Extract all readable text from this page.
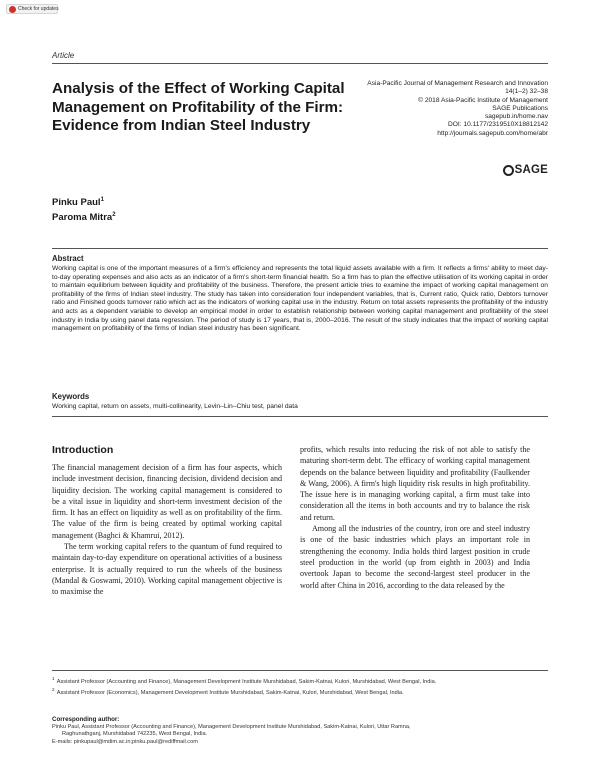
Check for updates
Article
Analysis of the Effect of Working Capital Management on Profitability of the Firm: Evidence from Indian Steel Industry
Asia-Pacific Journal of Management Research and Innovation
14(1–2) 32–38
© 2018 Asia-Pacific Institute of Management
SAGE Publications
sagepub.in/home.nav
DOI: 10.1177/2319510X18812142
http://journals.sagepub.com/home/abr
SAGE
Pinku Paul$^1$
Paroma Mitra$^2$
Abstract

Working capital is one of the important measures of a firm's efficiency and represents the total liquid assets available with a firm. It reflects a firms' ability to meet day-to-day operating expenses and also acts as an indicator of a firm's short-term financial health. So a firm has to plan the effective utilisation of its working capital in order to maintain equilibrium between liquidity and profitability of the business. Therefore, the present article tries to examine the impact of working capital management on profitability of the firms of Indian steel industry. The study has taken into consideration four independent variables, that is, Current ratio, Quick ratio, Debtors turnover ratio and Finished goods turnover ratio which act as the indicators of working capital use in the industry. Return on total assets represents the profitability of the industry and acts as a dependent variable to develop an empirical model in order to establish relationship between working capital management and profitability of the steel industry in India by using panel data regression. The period of study is 17 years, that is, 2000–2016. The result of the study indicates that the impact of working capital management on profitability of the firms of Indian steel industry has been significant.

Keywords

Working capital, return on assets, multi-collinearity, Levin–Lin–Chiu test, panel data

Introduction

The financial management decision of a firm has four aspects, which include investment decision, financing decision, dividend decision and liquidity decision. The working capital management is considered to be a vital issue in liquidity and short-term investment decision of the firm. It has an effect on liquidity as well as on profitability of the firm. The value of the firm is being created by optimal working capital management (Baghci & Khamrui, 2012).

The term working capital refers to the quantum of fund required to maintain day-to-day expenditure on operational activities of a business enterprise. It is actually required to run the wheels of the business (Mandal & Goswami, 2010). Working capital management objective is to maximise the

profits, which results into reducing the risk of not able to satisfy the maturing short-term debt. The efficacy of working capital management depends on the balance between liquidity and profitability (Faulkender & Wang, 2006). A firm's high liquidity risk results in high profitability. The issue here is in managing working capital, a firm must take into consideration all the items in both accounts and try to balance the risk and return.

Among all the industries of the country, iron ore and steel industry is one of the basic industries which plays an important role in strengthening the economy. India holds third largest position in crude steel production in the world (up from eighth in 2003) and India overtook Japan to become the second-largest steel producer in the world after China in 2016, according to the data released by the

$^1$ Assistant Professor (Accounting and Finance), Management Development Institute Murshidabad, Sakim-Katnai, Kulori, Murshidabad, West Bengal, India.
$^2$ Assistant Professor (Economics), Management Development Institute Murshidabad, Sakim-Katnai, Kulori, Murshidabad, West Bengal, India.
Corresponding author:
Pinku Paul, Assistant Professor (Accounting and Finance), Management Development Institute Murshidabad, Sakim-Katnai, Kulori, Uttar Ramna,
Raghunathganj, Murshidabad 742235, West Bengal, India.
E-mails: pinkupaul@mdim.ac.in;pinku.paul@rediffmail.com
